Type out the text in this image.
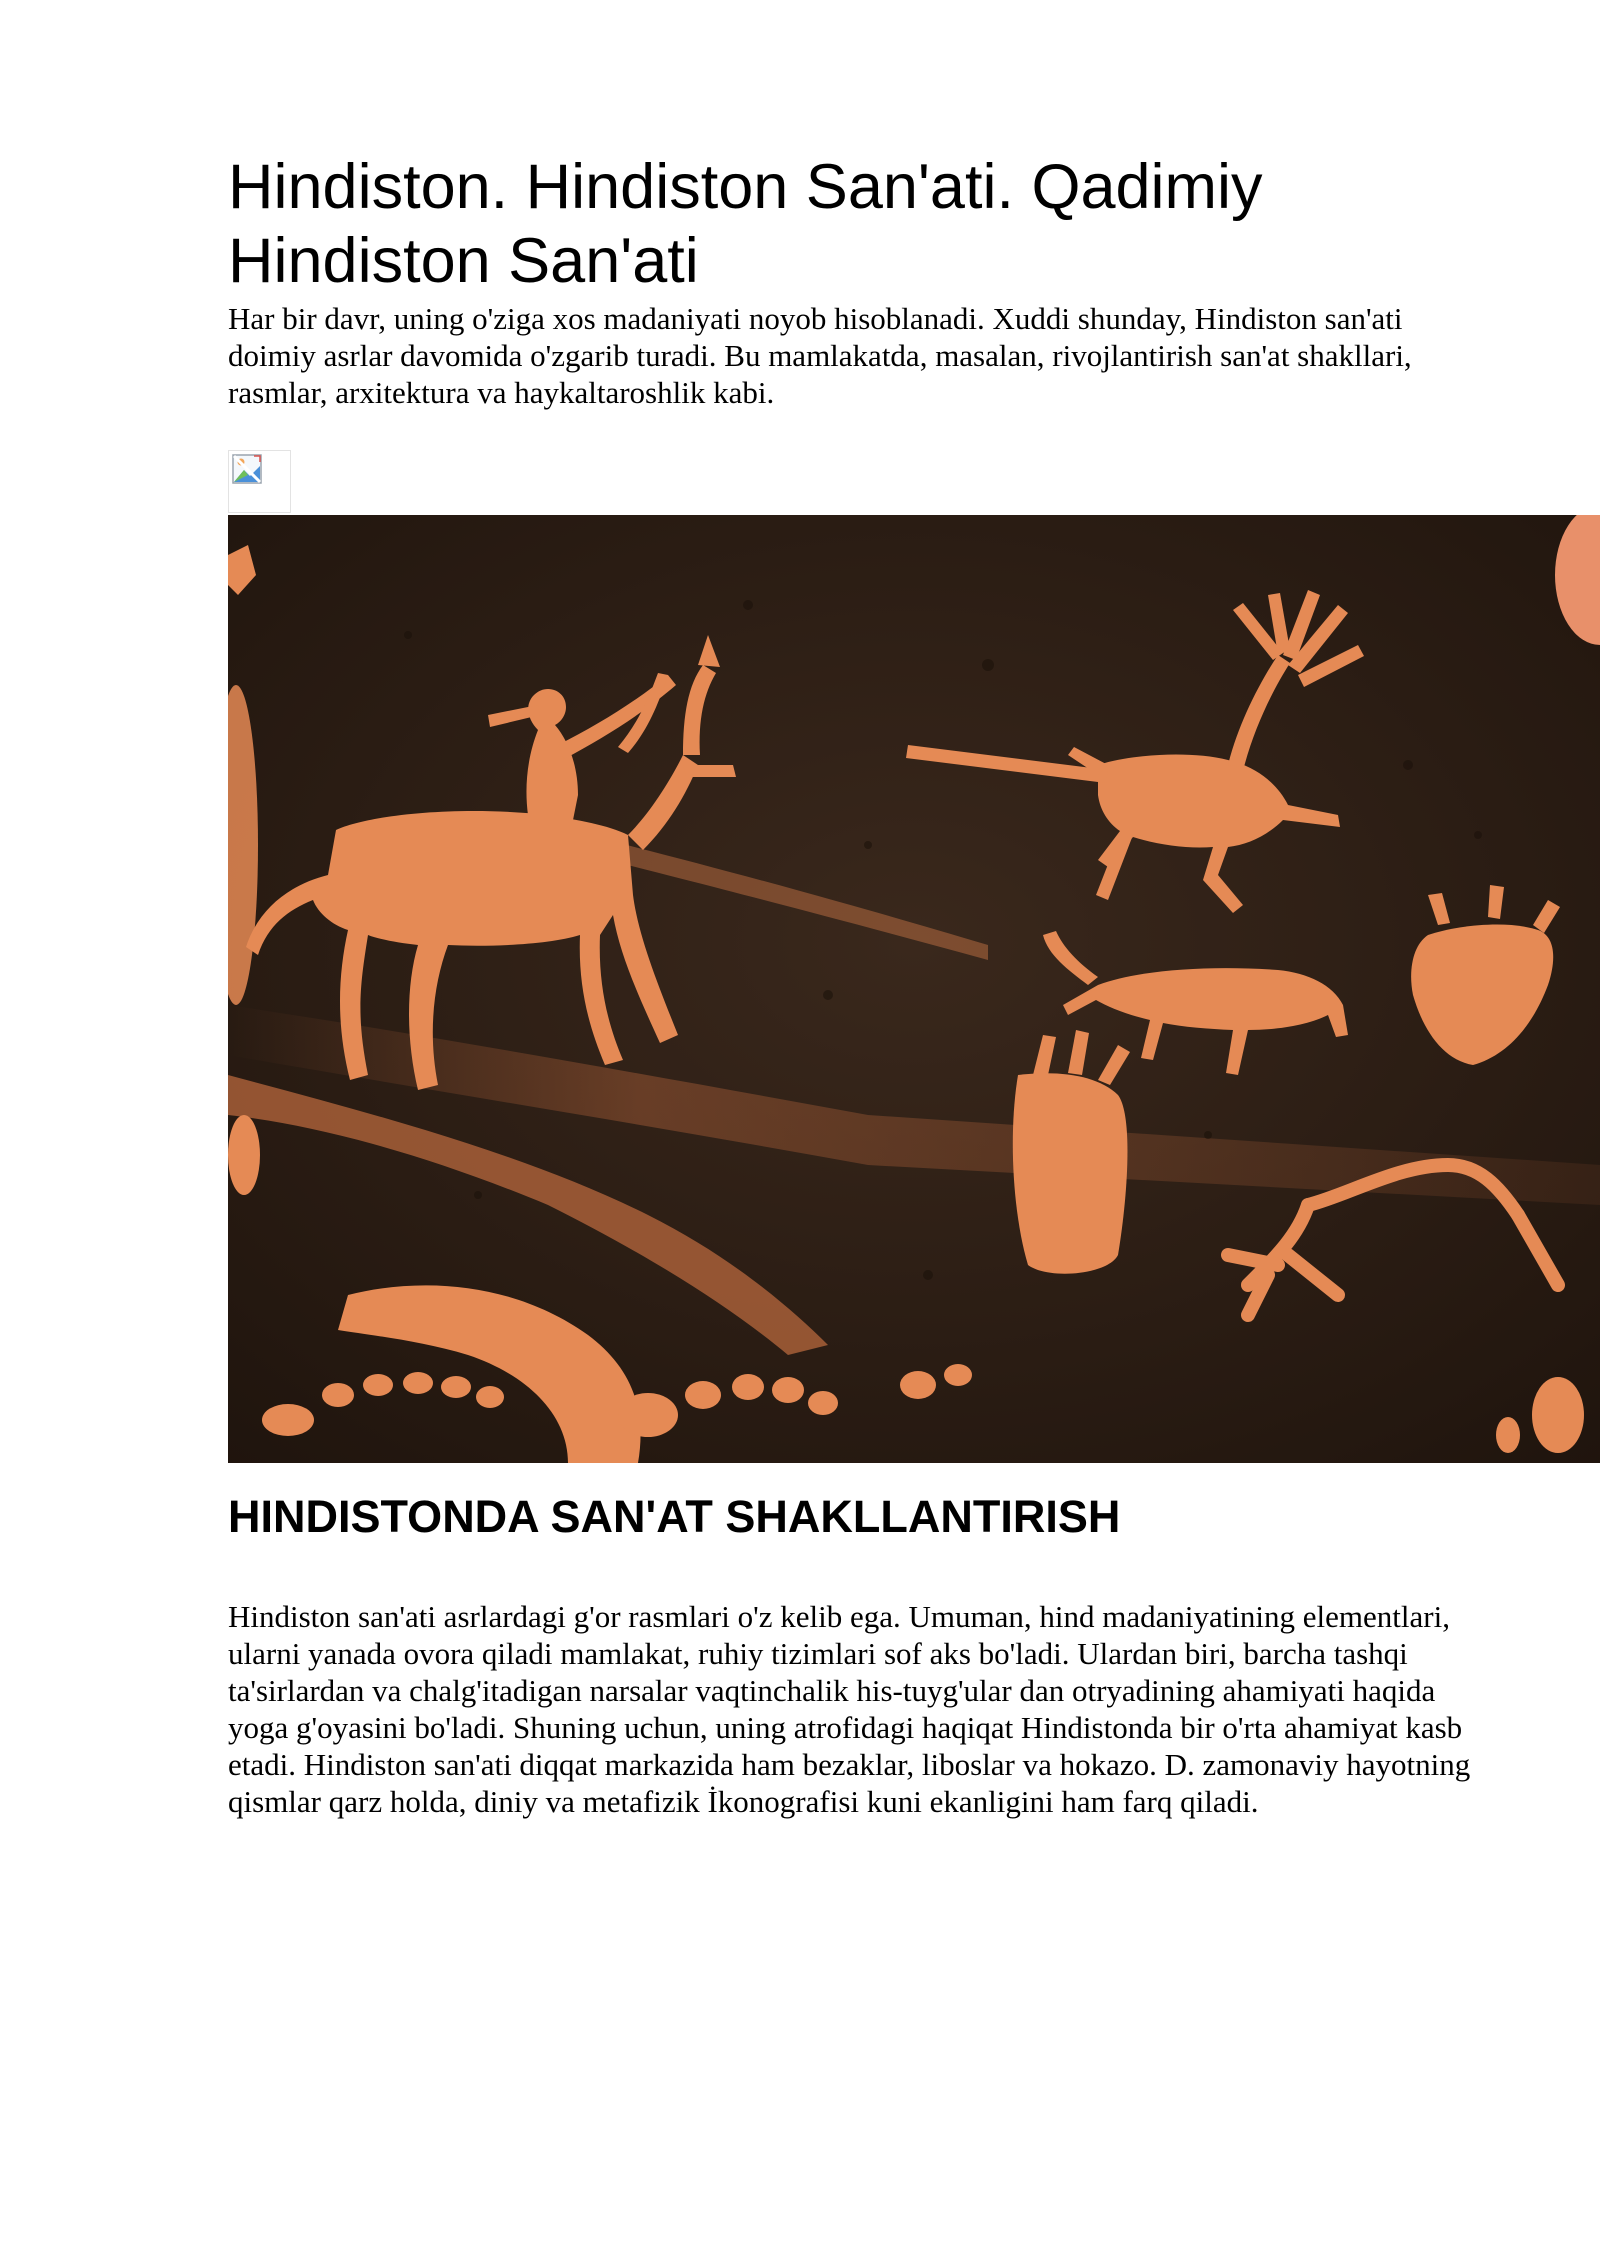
Hindiston. Hindiston San'ati. Qadimiy Hindiston San'ati

Har bir davr, uning o'ziga xos madaniyati noyob hisoblanadi. Xuddi shunday, Hindiston san'ati doimiy asrlar davomida o'zgarib turadi. Bu mamlakatda, masalan, rivojlantirish san'at shakllari, rasmlar, arxitektura va haykaltaroshlik kabi.

HINDISTONDA SAN'AT SHAKLLANTIRISH

Hindiston san'ati asrlardagi g'or rasmlari o'z kelib ega. Umuman, hind madaniyatining elementlari, ularni yanada ovora qiladi mamlakat, ruhiy tizimlari sof aks bo'ladi. Ulardan biri, barcha tashqi ta'sirlardan va chalg'itadigan narsalar vaqtinchalik his-tuyg'ular dan otryadining ahamiyati haqida yoga g'oyasini bo'ladi. Shuning uchun, uning atrofidagi haqiqat Hindistonda bir o'rta ahamiyat kasb etadi. Hindiston san'ati diqqat markazida ham bezaklar, liboslar va hokazo. D. zamonaviy hayotning qismlar qarz holda, diniy va metafizik İkonografisi kuni ekanligini ham farq qiladi.
